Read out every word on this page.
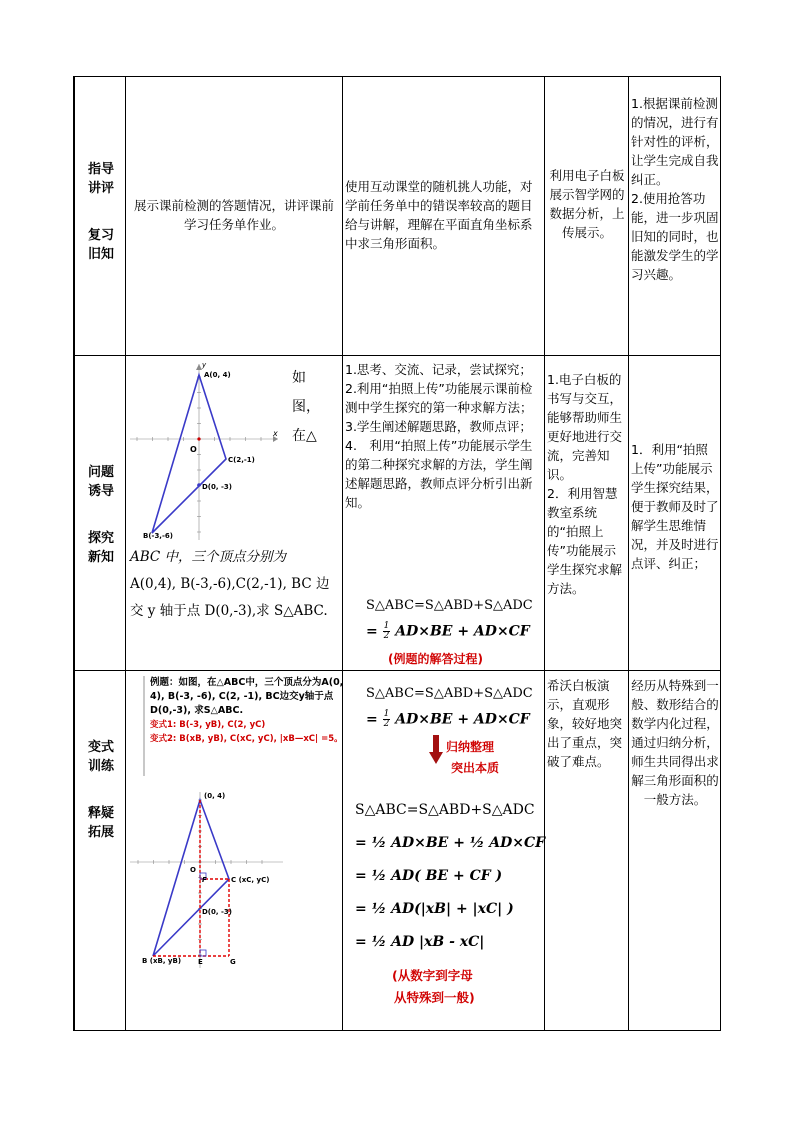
指导
讲评
复习
旧知
展示课前检测的答题情况，讲评课前学习任务单作业。
使用互动课堂的随机挑人功能，对学前任务单中的错误率较高的题目给与讲解，理解在平面直角坐标系中求三角形面积。
利用电子白板展示智学网的数据分析，上传展示。
1.根据课前检测的情况，进行有针对性的评析，让学生完成自我纠正。
2.使用抢答功能，进一步巩固旧知的同时，也能激发学生的学习兴趣。
问题
诱导
探究
新知
A(0, 4)
y
x
O
C(2,-1)
D(0, -3)
B(-3,-6)
如
图，
在△
ABC 中，三个顶点分别为
A(0,4), B(-3,-6),C(2,-1), BC 边
交 y 轴于点 D(0,-3),求 S△ABC.
1.思考、交流、记录，尝试探究；
2.利用“拍照上传”功能展示课前检测中学生探究的第一种求解方法；
3.学生阐述解题思路，教师点评；
4.　利用“拍照上传”功能展示学生的第二种探究求解的方法，学生阐述解题思路，教师点评分析引出新知。
S△ABC=S△ABD+S△ADC
= $\frac{1}{2} AD\times BE + AD\times CF$
(例题的解答过程)
1.电子白板的书写与交互，能够帮助师生更好地进行交流，完善知识。
2．利用智慧教室系统的“拍照上传”功能展示学生探究求解方法。
1．利用“拍照上传”功能展示学生探究结果，便于教师及时了解学生思维情况，并及时进行点评、纠正；
变式
训练
释疑
拓展
例题：如图，在△ABC中，三个顶点分为A(0, 4), B(-3, -6), C(2, -1), BC边交y轴于点D(0,-3), 求S△ABC.
变式1: B(-3, yB), C(2, yC)
变式2: B(xB, yB), C(xC, yC), |xB—xC| =5。
(0, 4)
O
F	C (xC, yC)
D(0, -3)
B (xB, yB) E	G
S△ABC=S△ABD+S△ADC
= $\frac{1}{2} AD\times BE + AD\times CF$
归纳整理
突出本质
S△ABC=S△ABD+S△ADC
= ½ AD×BE + ½ AD×CF
= ½ AD( BE + CF )
= ½ AD(|xB| + |xC| )
= ½ AD |xB - xC|
(从数字到字母
从特殊到一般)
希沃白板演示，直观形象，较好地突出了重点，突破了难点。
经历从特殊到一般、数形结合的数学内化过程，通过归纳分析，师生共同得出求解三角形面积的一般方法。
